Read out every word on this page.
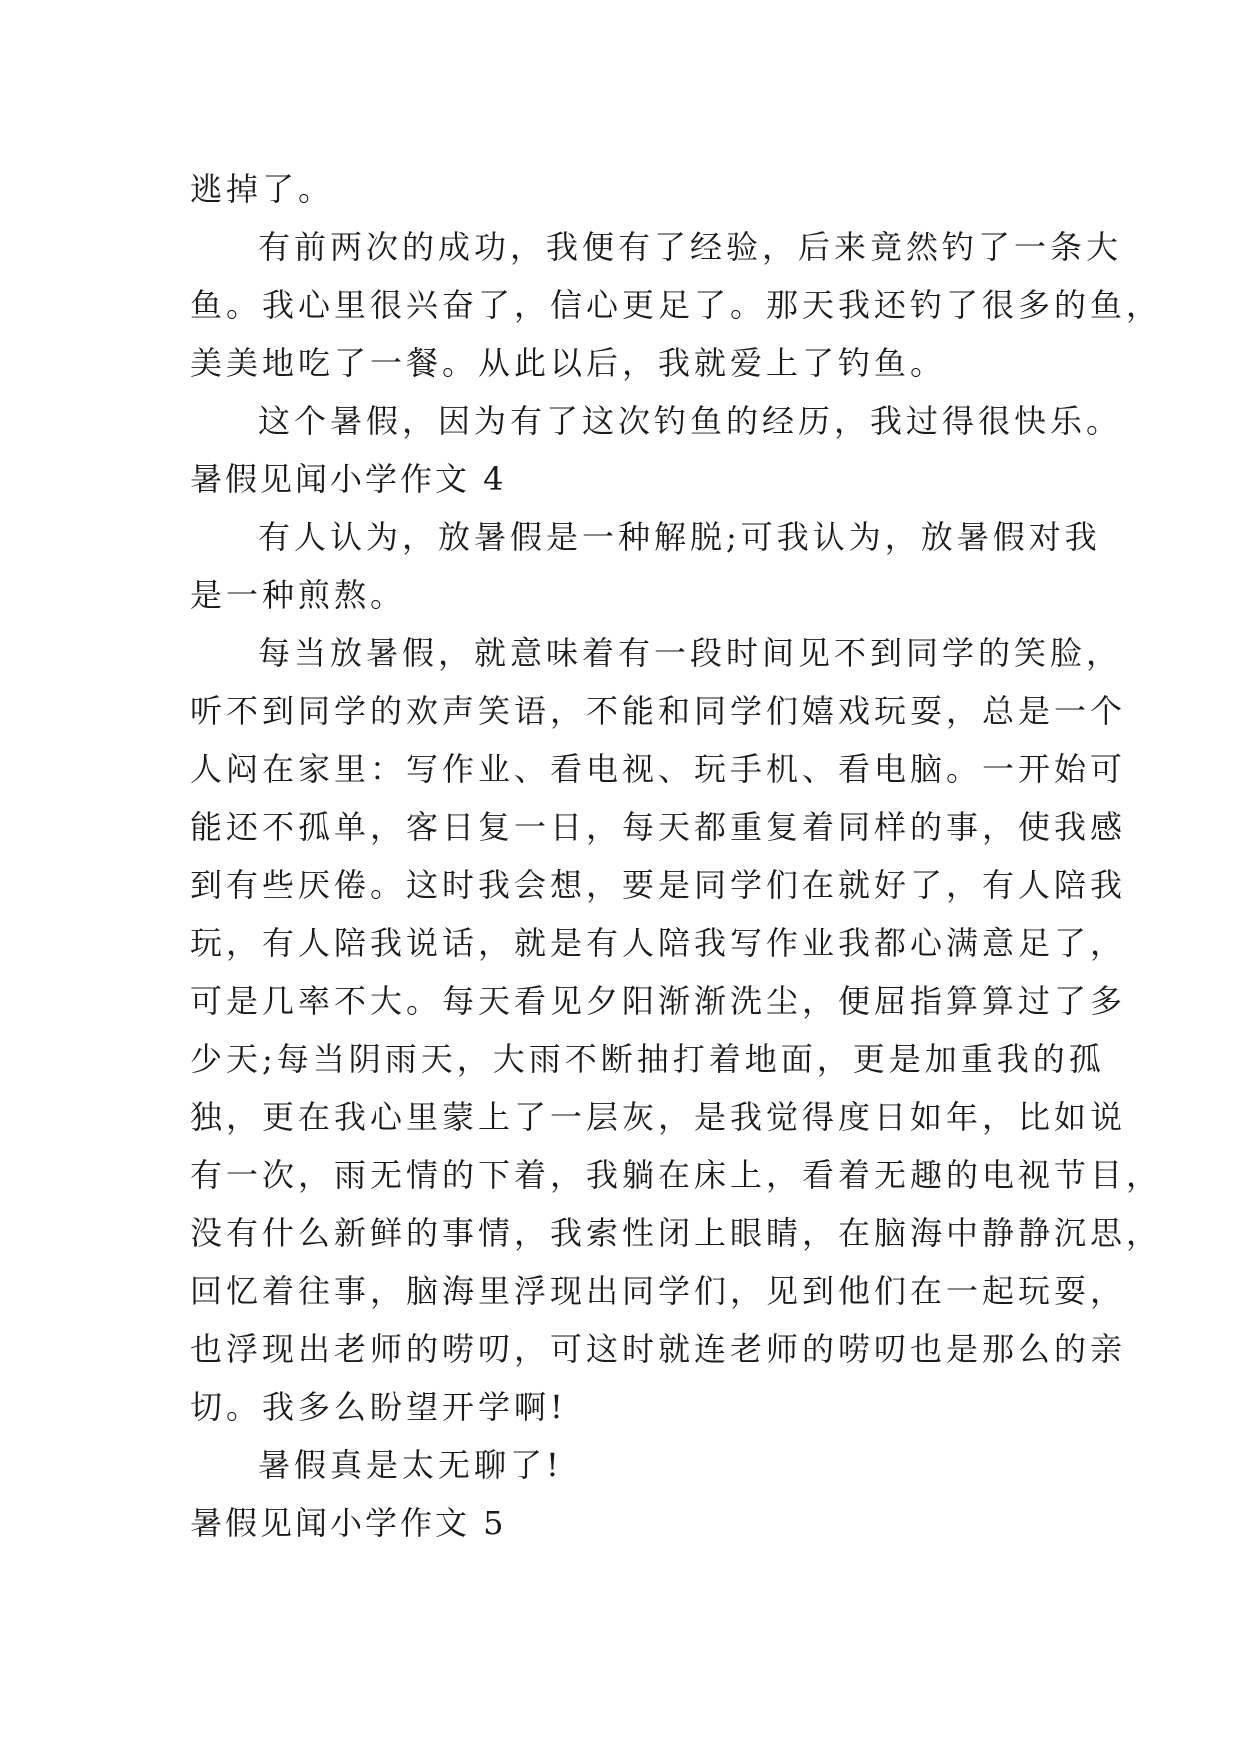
逃掉了。
有前两次的成功，我便有了经验，后来竟然钓了一条大
鱼。我心里很兴奋了，信心更足了。那天我还钓了很多的鱼，
美美地吃了一餐。从此以后，我就爱上了钓鱼。
这个暑假，因为有了这次钓鱼的经历，我过得很快乐。
暑假见闻小学作文 4
有人认为，放暑假是一种解脱;可我认为，放暑假对我
是一种煎熬。
每当放暑假，就意味着有一段时间见不到同学的笑脸，
听不到同学的欢声笑语，不能和同学们嬉戏玩耍，总是一个
人闷在家里：写作业、看电视、玩手机、看电脑。一开始可
能还不孤单，客日复一日，每天都重复着同样的事，使我感
到有些厌倦。这时我会想，要是同学们在就好了，有人陪我
玩，有人陪我说话，就是有人陪我写作业我都心满意足了，
可是几率不大。每天看见夕阳渐渐洗尘，便屈指算算过了多
少天;每当阴雨天，大雨不断抽打着地面，更是加重我的孤
独，更在我心里蒙上了一层灰，是我觉得度日如年，比如说
有一次，雨无情的下着，我躺在床上，看着无趣的电视节目，
没有什么新鲜的事情，我索性闭上眼睛，在脑海中静静沉思，
回忆着往事，脑海里浮现出同学们，见到他们在一起玩耍，
也浮现出老师的唠叨，可这时就连老师的唠叨也是那么的亲
切。我多么盼望开学啊!
暑假真是太无聊了!
暑假见闻小学作文 5
